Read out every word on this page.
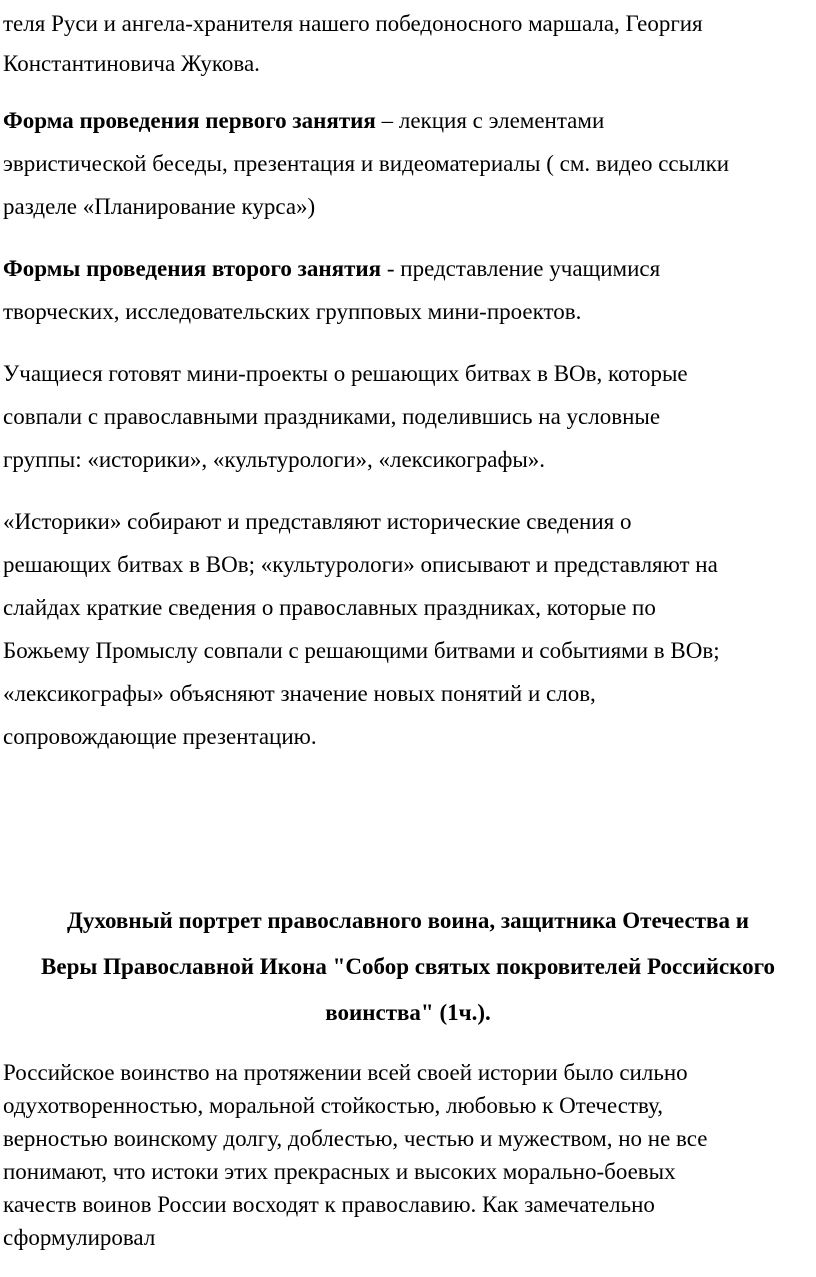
теля Руси и ангела-хранителя нашего победоносного маршала, Георгия
Константиновича Жукова.
Форма проведения первого занятия – лекция с элементами
эвристической беседы, презентация и видеоматериалы ( см. видео ссылки
разделе «Планирование курса»)
Формы проведения второго занятия - представление учащимися
творческих, исследовательских групповых мини-проектов.
Учащиеся готовят мини-проекты о решающих битвах в ВОв, которые
совпали с православными праздниками, поделившись на условные
группы: «историки», «культурологи», «лексикографы».
«Историки» собирают и представляют исторические сведения о
решающих битвах в ВОв; «культурологи» описывают и представляют на
слайдах краткие сведения о православных праздниках, которые по
Божьему Промыслу совпали с решающими битвами и событиями в ВОв;
«лексикографы» объясняют значение новых понятий и слов,
сопровождающие презентацию.
Духовный портрет православного воина, защитника Отечества и
Веры Православной Икона "Собор святых покровителей Российского
воинства" (1ч.).
Российское воинство на протяжении всей своей истории было сильно
одухотворенностью, моральной стойкостью, любовью к Отечеству,
верностью воинскому долгу, доблестью, честью и мужеством, но не все
понимают, что истоки этих прекрасных и высоких морально-боевых
качеств воинов России восходят к православию. Как замечательно
сформулировал
